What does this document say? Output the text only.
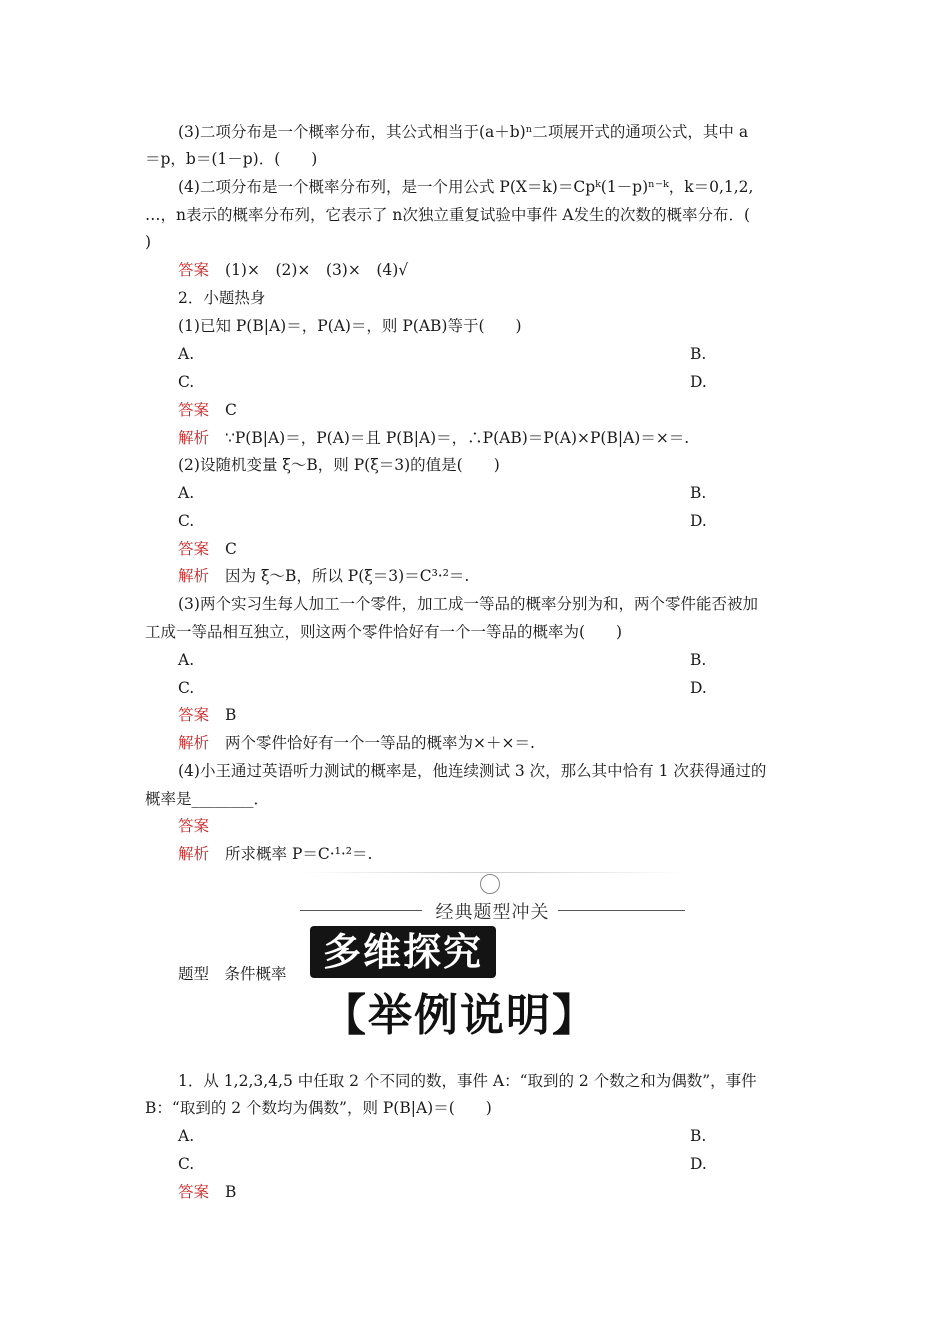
(3)二项分布是一个概率分布，其公式相当于(a＋b)ⁿ二项展开式的通项公式，其中 a
＝p，b＝(1－p)．(　　)
(4)二项分布是一个概率分布列，是一个用公式 P(X＝k)＝Cpᵏ(1－p)ⁿ⁻ᵏ，k＝0,1,2,
…，n表示的概率分布列，它表示了 n次独立重复试验中事件 A发生的次数的概率分布．(
)
答案 (1)×　(2)×　(3)×　(4)√
2．小题热身
(1)已知 P(B|A)＝，P(A)＝，则 P(AB)等于(　　)
A.	B.
C.	D.
答案 C
解析 ∵P(B|A)＝，P(A)＝且 P(B|A)＝，∴P(AB)＝P(A)×P(B|A)＝×＝.
(2)设随机变量 ξ～B，则 P(ξ＝3)的值是(　　)
A.	B.
C.	D.
答案 C
解析 因为 ξ～B，所以 P(ξ＝3)＝C³·²＝.
(3)两个实习生每人加工一个零件，加工成一等品的概率分别为和，两个零件能否被加
工成一等品相互独立，则这两个零件恰好有一个一等品的概率为(　　)
A.	B.
C.	D.
答案 B
解析 两个零件恰好有一个一等品的概率为×＋×＝.
(4)小王通过英语听力测试的概率是，他连续测试 3 次，那么其中恰有 1 次获得通过的
概率是________．
答案
解析 所求概率 P＝C·¹·²＝.
经典题型冲关
多维探究
题型　条件概率
【举例说明】
1．从 1,2,3,4,5 中任取 2 个不同的数，事件 A：“取到的 2 个数之和为偶数”，事件
B：“取到的 2 个数均为偶数”，则 P(B|A)＝(　　)
A.	B.
C.	D.
答案 B
